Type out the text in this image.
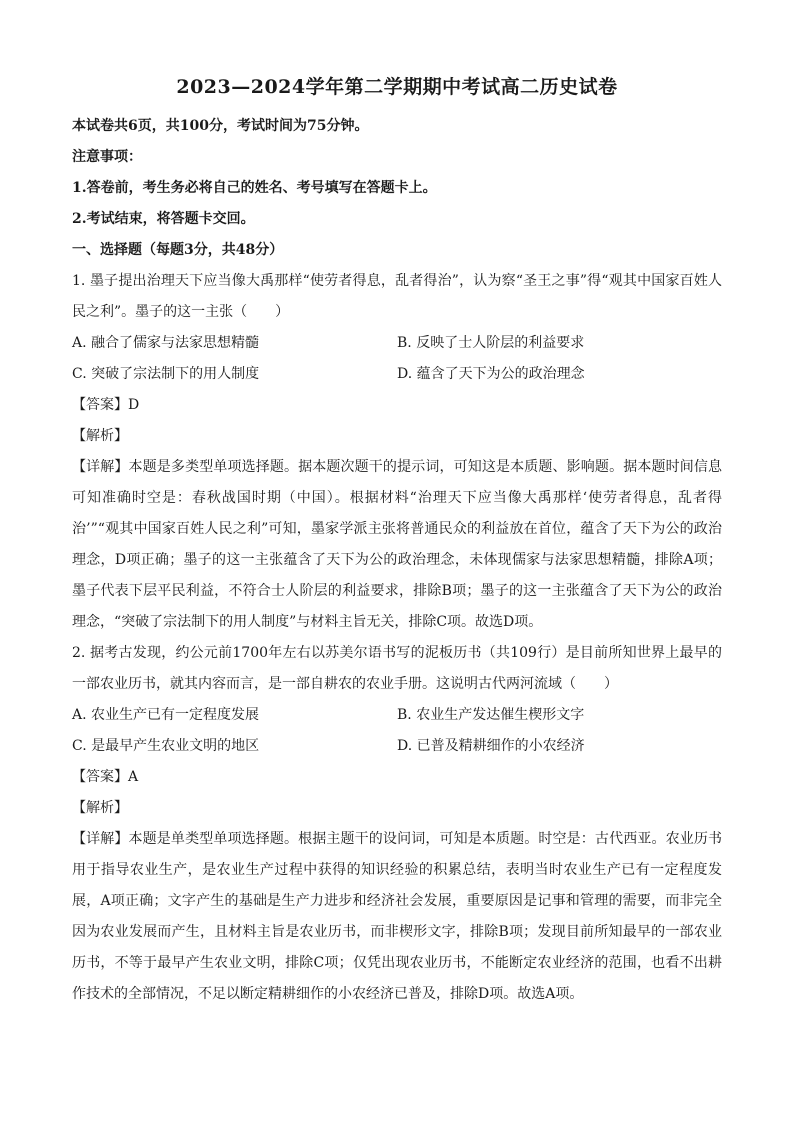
2023—2024学年第二学期期中考试高二历史试卷

本试卷共6页，共100分，考试时间为75分钟。

注意事项：

1.答卷前，考生务必将自己的姓名、考号填写在答题卡上。

2.考试结束，将答题卡交回。

一、选择题（每题3分，共48分）

1. 墨子提出治理天下应当像大禹那样“使劳者得息，乱者得治”，认为察“圣王之事”得“观其中国家百姓人民之利”。墨子的这一主张（　　）

A. 融合了儒家与法家思想精髓	B. 反映了士人阶层的利益要求
C. 突破了宗法制下的用人制度	D. 蕴含了天下为公的政治理念

【答案】D

【解析】

【详解】本题是多类型单项选择题。据本题次题干的提示词，可知这是本质题、影响题。据本题时间信息可知准确时空是：春秋战国时期（中国）。根据材料“治理天下应当像大禹那样‘使劳者得息，乱者得治’”“观其中国家百姓人民之利”可知，墨家学派主张将普通民众的利益放在首位，蕴含了天下为公的政治理念，D项正确；墨子的这一主张蕴含了天下为公的政治理念，未体现儒家与法家思想精髓，排除A项；墨子代表下层平民利益，不符合士人阶层的利益要求，排除B项；墨子的这一主张蕴含了天下为公的政治理念，“突破了宗法制下的用人制度”与材料主旨无关，排除C项。故选D项。

2. 据考古发现，约公元前1700年左右以苏美尔语书写的泥板历书（共109行）是目前所知世界上最早的一部农业历书，就其内容而言，是一部自耕农的农业手册。这说明古代两河流域（　　）

A. 农业生产已有一定程度发展	B. 农业生产发达催生楔形文字
C. 是最早产生农业文明的地区	D. 已普及精耕细作的小农经济

【答案】A

【解析】

【详解】本题是单类型单项选择题。根据主题干的设问词，可知是本质题。时空是：古代西亚。农业历书用于指导农业生产，是农业生产过程中获得的知识经验的积累总结，表明当时农业生产已有一定程度发展，A项正确；文字产生的基础是生产力进步和经济社会发展，重要原因是记事和管理的需要，而非完全因为农业发展而产生，且材料主旨是农业历书，而非楔形文字，排除B项；发现目前所知最早的一部农业历书，不等于最早产生农业文明，排除C项；仅凭出现农业历书，不能断定农业经济的范围，也看不出耕作技术的全部情况，不足以断定精耕细作的小农经济已普及，排除D项。故选A项。
